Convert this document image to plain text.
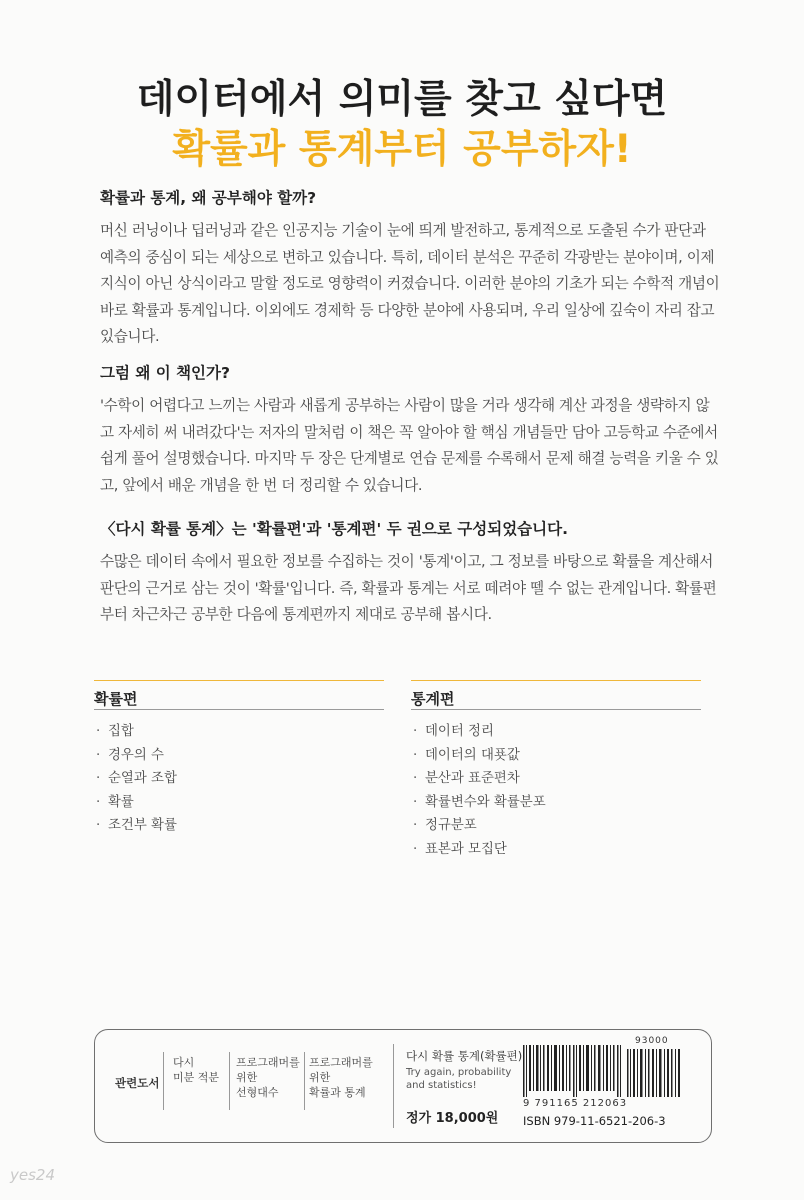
데이터에서 의미를 찾고 싶다면
확률과 통계부터 공부하자!

확률과 통계, 왜 공부해야 할까?

머신 러닝이나 딥러닝과 같은 인공지능 기술이 눈에 띄게 발전하고, 통계적으로 도출된 수가 판단과
예측의 중심이 되는 세상으로 변하고 있습니다. 특히, 데이터 분석은 꾸준히 각광받는 분야이며, 이제
지식이 아닌 상식이라고 말할 정도로 영향력이 커졌습니다. 이러한 분야의 기초가 되는 수학적 개념이
바로 확률과 통계입니다. 이외에도 경제학 등 다양한 분야에 사용되며, 우리 일상에 깊숙이 자리 잡고
있습니다.

그럼 왜 이 책인가?

'수학이 어렵다고 느끼는 사람과 새롭게 공부하는 사람이 많을 거라 생각해 계산 과정을 생략하지 않
고 자세히 써 내려갔다'는 저자의 말처럼 이 책은 꼭 알아야 할 핵심 개념들만 담아 고등학교 수준에서
쉽게 풀어 설명했습니다. 마지막 두 장은 단계별로 연습 문제를 수록해서 문제 해결 능력을 키울 수 있
고, 앞에서 배운 개념을 한 번 더 정리할 수 있습니다.

〈다시 확률 통계〉는 '확률편'과 '통계편' 두 권으로 구성되었습니다.

수많은 데이터 속에서 필요한 정보를 수집하는 것이 '통계'이고, 그 정보를 바탕으로 확률을 계산해서
판단의 근거로 삼는 것이 '확률'입니다. 즉, 확률과 통계는 서로 떼려야 뗄 수 없는 관계입니다. 확률편
부터 차근차근 공부한 다음에 통계편까지 제대로 공부해 봅시다.

확률편
· 집합
· 경우의 수
· 순열과 조합
· 확률
· 조건부 확률
통계편
· 데이터 정리
· 데이터의 대푯값
· 분산과 표준편차
· 확률변수와 확률분포
· 정규분포
· 표본과 모집단
관련도서
다시
미분 적분
프로그래머를
위한
선형대수
프로그래머를
위한
확률과 통계
다시 확률 통계(확률편)
Try again, probability
and statistics!
정가 18,000원
93000
9 791165 212063
ISBN 979-11-6521-206-3
yes24
